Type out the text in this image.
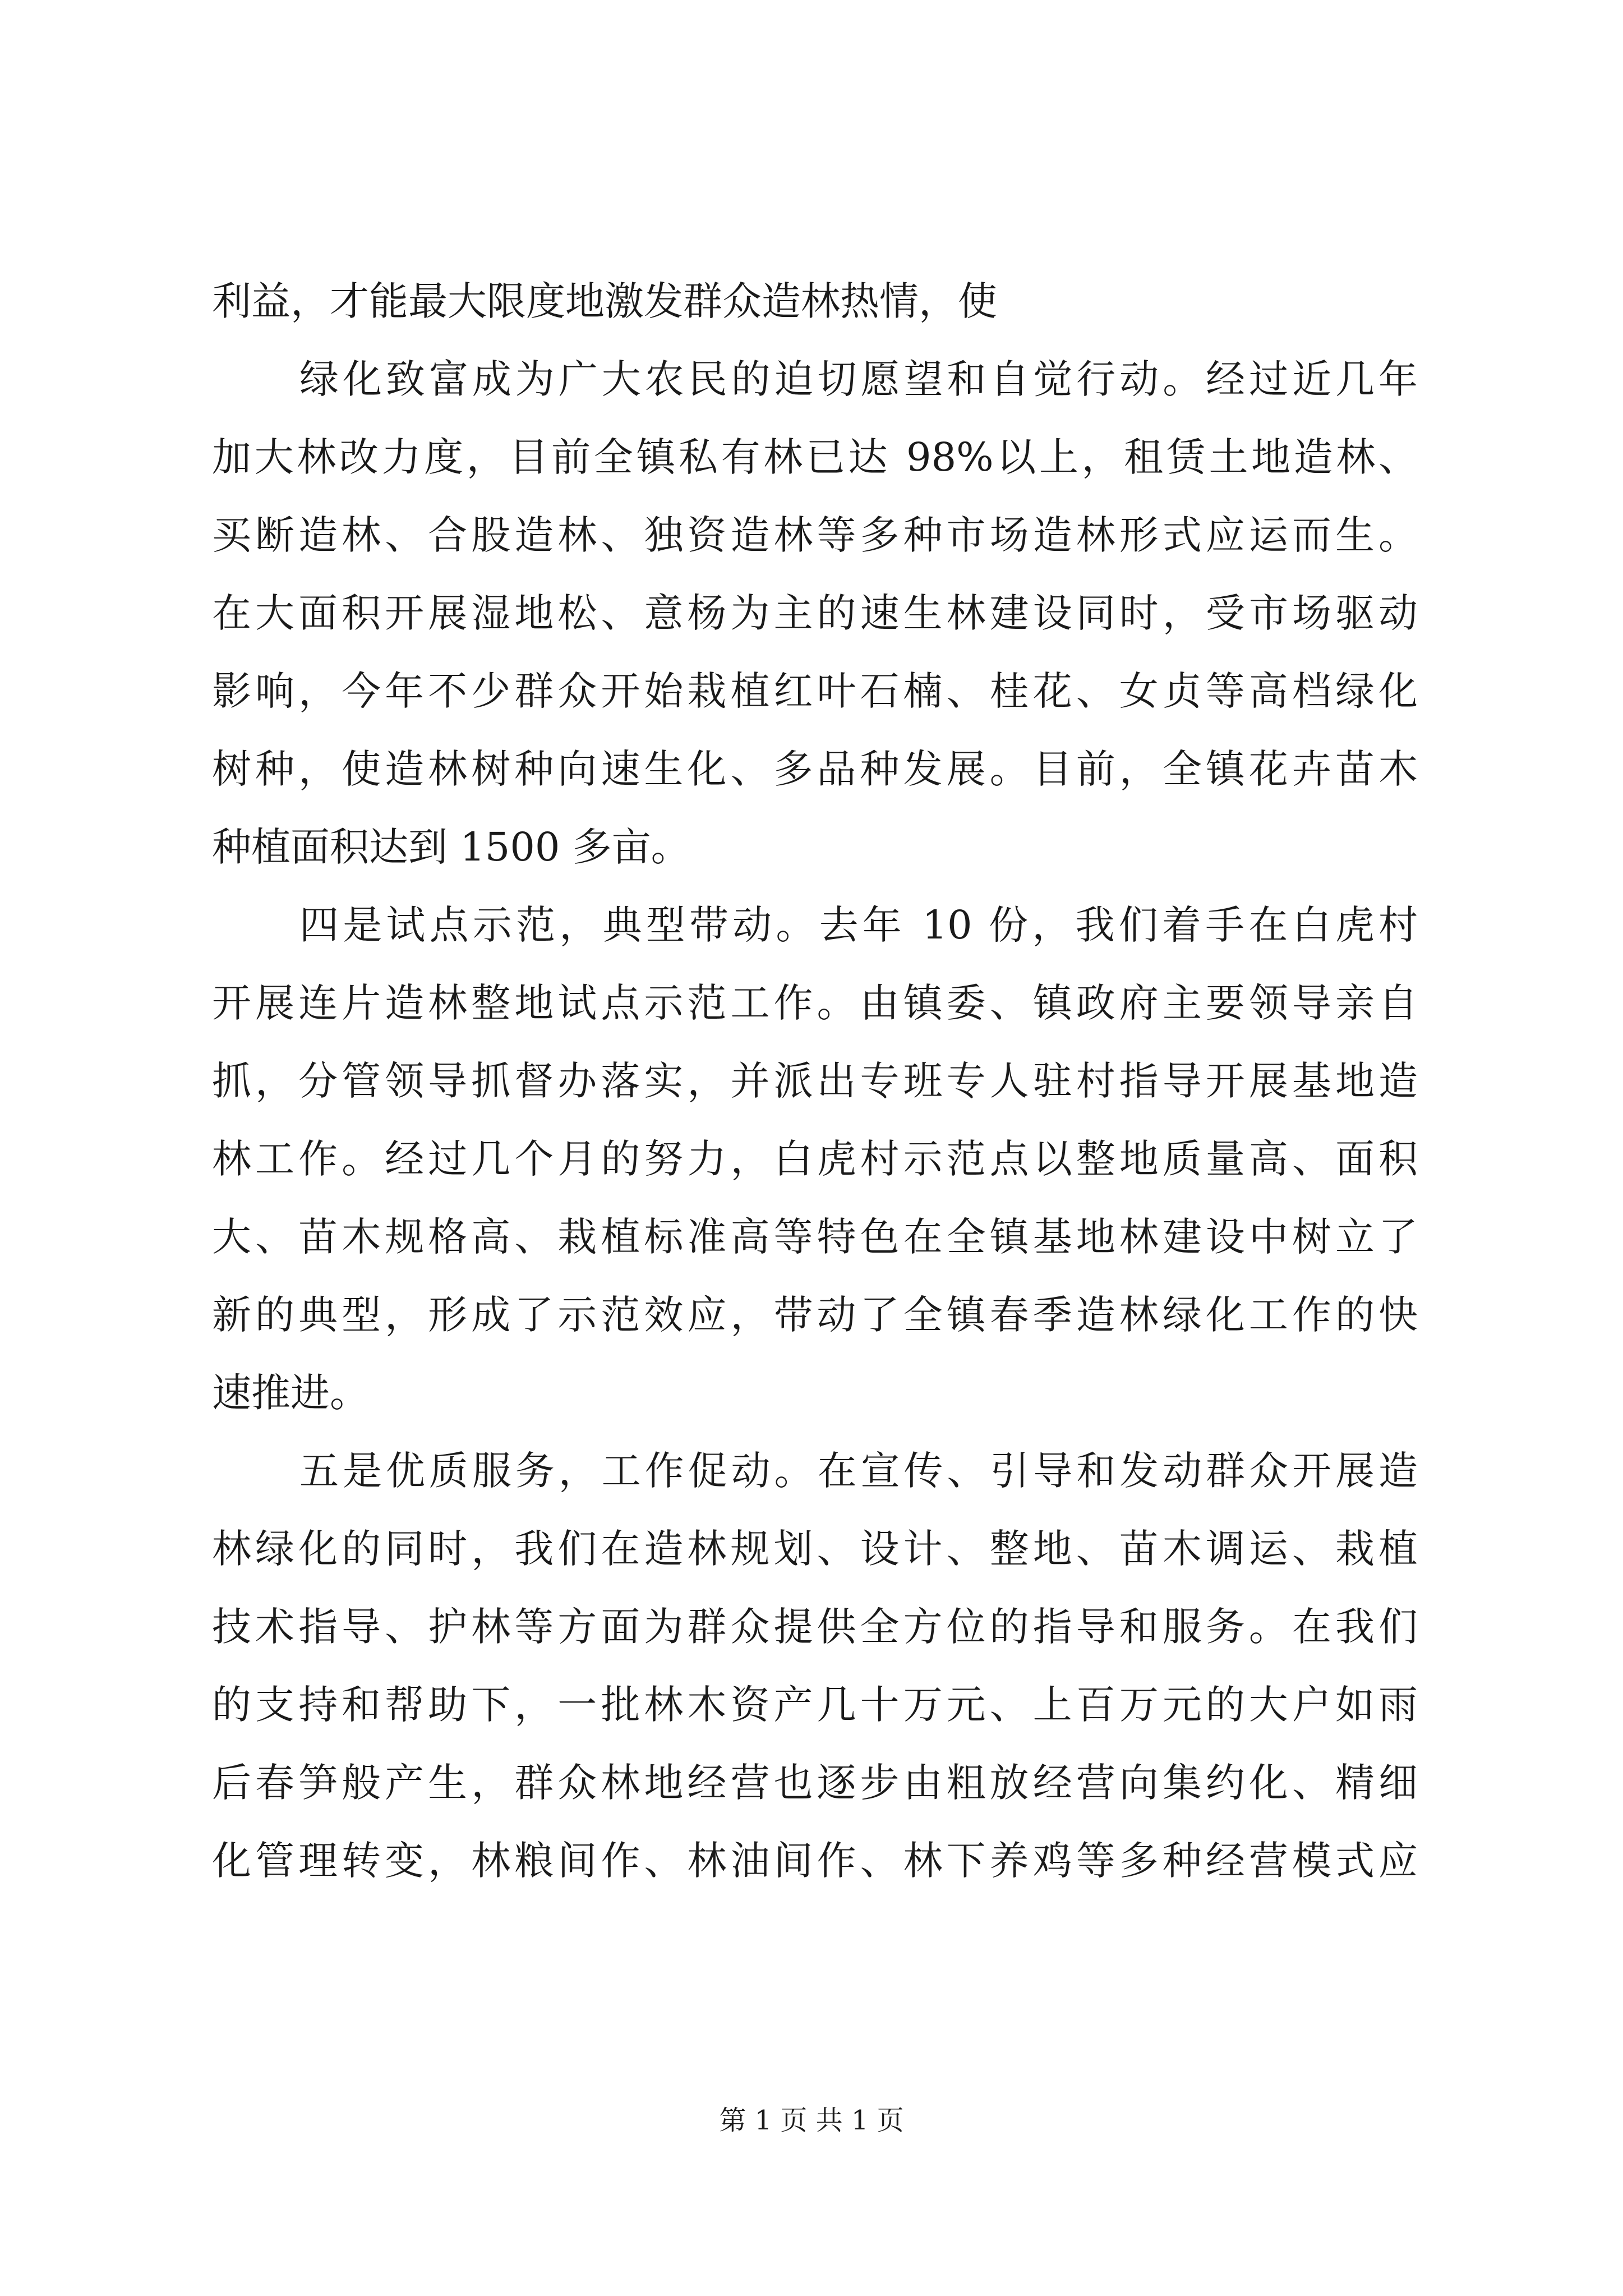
利益，才能最大限度地激发群众造林热情，使
绿化致富成为广大农民的迫切愿望和自觉行动。经过近几年
加大林改力度，目前全镇私有林已达 98%以上，租赁土地造林、
买断造林、合股造林、独资造林等多种市场造林形式应运而生。
在大面积开展湿地松、意杨为主的速生林建设同时，受市场驱动
影响，今年不少群众开始栽植红叶石楠、桂花、女贞等高档绿化
树种，使造林树种向速生化、多品种发展。目前，全镇花卉苗木
种植面积达到 1500 多亩。
四是试点示范，典型带动。去年 10 份，我们着手在白虎村
开展连片造林整地试点示范工作。由镇委、镇政府主要领导亲自
抓，分管领导抓督办落实，并派出专班专人驻村指导开展基地造
林工作。经过几个月的努力，白虎村示范点以整地质量高、面积
大、苗木规格高、栽植标准高等特色在全镇基地林建设中树立了
新的典型，形成了示范效应，带动了全镇春季造林绿化工作的快
速推进。
五是优质服务，工作促动。在宣传、引导和发动群众开展造
林绿化的同时，我们在造林规划、设计、整地、苗木调运、栽植
技术指导、护林等方面为群众提供全方位的指导和服务。在我们
的支持和帮助下，一批林木资产几十万元、上百万元的大户如雨
后春笋般产生，群众林地经营也逐步由粗放经营向集约化、精细
化管理转变，林粮间作、林油间作、林下养鸡等多种经营模式应
第 1 页 共 1 页
